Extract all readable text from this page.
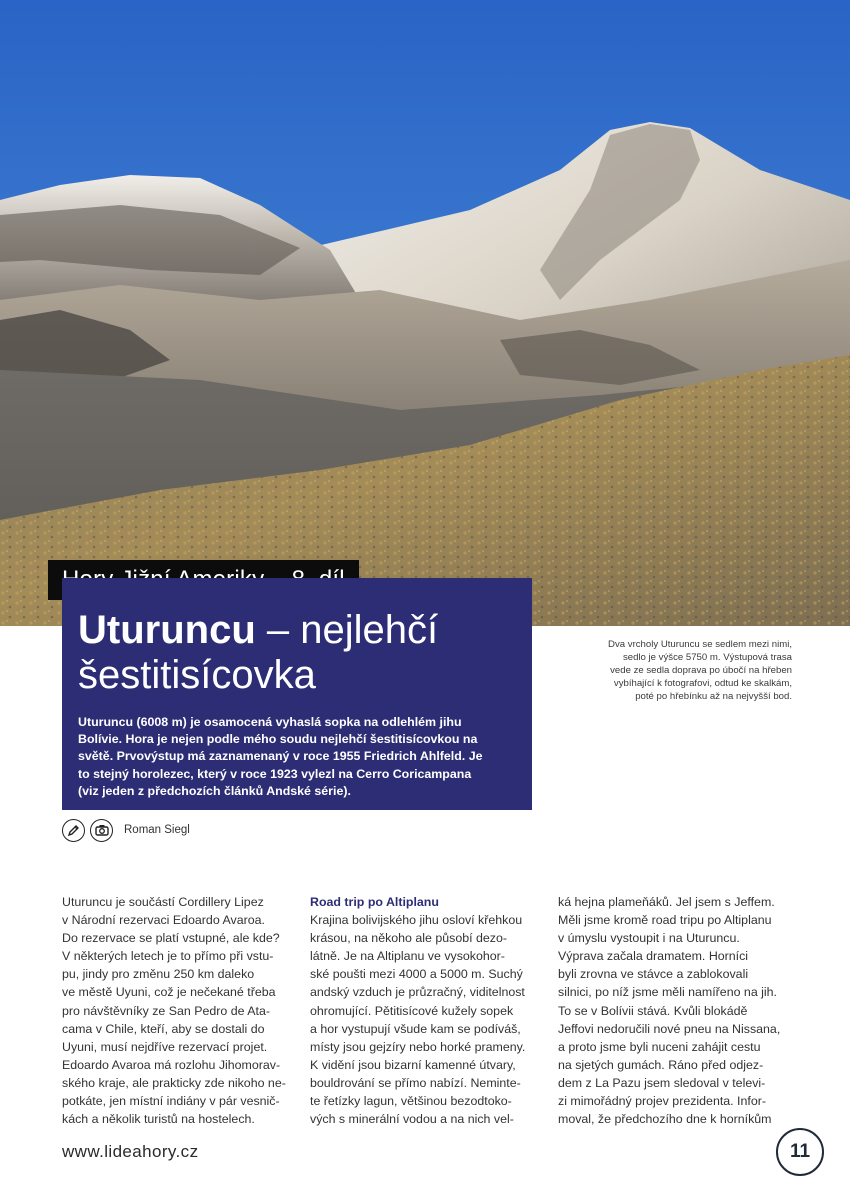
Uturuncu – nejlehčí
šestitisícovka
Uturuncu (6008 m) je osamocená vyhaslá sopka na odlehlém jihu
Bolívie. Hora je nejen podle mého soudu nejlehčí šestitisícovkou na
světě. Prvovýstup má zaznamenaný v roce 1955 Friedrich Ahlfeld. Je
to stejný horolezec, který v roce 1923 vylezl na Cerro Coricampana
(viz jeden z předchozích článků Andské série).
Dva vrcholy Uturuncu se sedlem mezi nimi,
sedlo je výšce 5750 m. Výstupová trasa
vede ze sedla doprava po úbočí na hřeben
vybíhající k fotografovi, odtud ke skalkám,
poté po hřebínku až na nejvyšší bod.
Roman Siegl

Uturuncu je součástí Cordillery Lipez

v Národní rezervaci Edoardo Avaroa.

Do rezervace se platí vstupné, ale kde?

V některých letech je to přímo při vstu-

pu, jindy pro změnu 250 km daleko

ve městě Uyuni, což je nečekané třeba

pro návštěvníky ze San Pedro de Ata-

cama v Chile, kteří, aby se dostali do

Uyuni, musí nejdříve rezervací projet.

Edoardo Avaroa má rozlohu Jihomorav-

ského kraje, ale prakticky zde nikoho ne-

potkáte, jen místní indiány v pár vesnič-

kách a několik turistů na hostelech.

Road trip po Altiplanu

Krajina bolivijského jihu osloví křehkou

krásou, na někoho ale působí dezo-

látně. Je na Altiplanu ve vysokohor-

ské poušti mezi 4000 a 5000 m. Suchý

andský vzduch je průzračný, viditelnost

ohromující. Pětitisícové kužely sopek

a hor vystupují všude kam se podíváš,

místy jsou gejzíry nebo horké prameny.

K vidění jsou bizarní kamenné útvary,

bouldrování se přímo nabízí. Neminte-

te řetízky lagun, většinou bezodtoko-

vých s minerální vodou a na nich vel-

ká hejna plameňáků. Jel jsem s Jeffem.

Měli jsme kromě road tripu po Altiplanu

v úmyslu vystoupit i na Uturuncu.

Výprava začala dramatem. Horníci

byli zrovna ve stávce a zablokovali

silnici, po níž jsme měli namířeno na jih.

To se v Bolívii stává. Kvůli blokádě

Jeffovi nedoručili nové pneu na Nissana,

a proto jsme byli nuceni zahájit cestu

na sjetých gumách. Ráno před odjez-

dem z La Pazu jsem sledoval v televi-

zi mimořádný projev prezidenta. Infor-

moval, že předchozího dne k horníkům

www.lideahory.cz	11
